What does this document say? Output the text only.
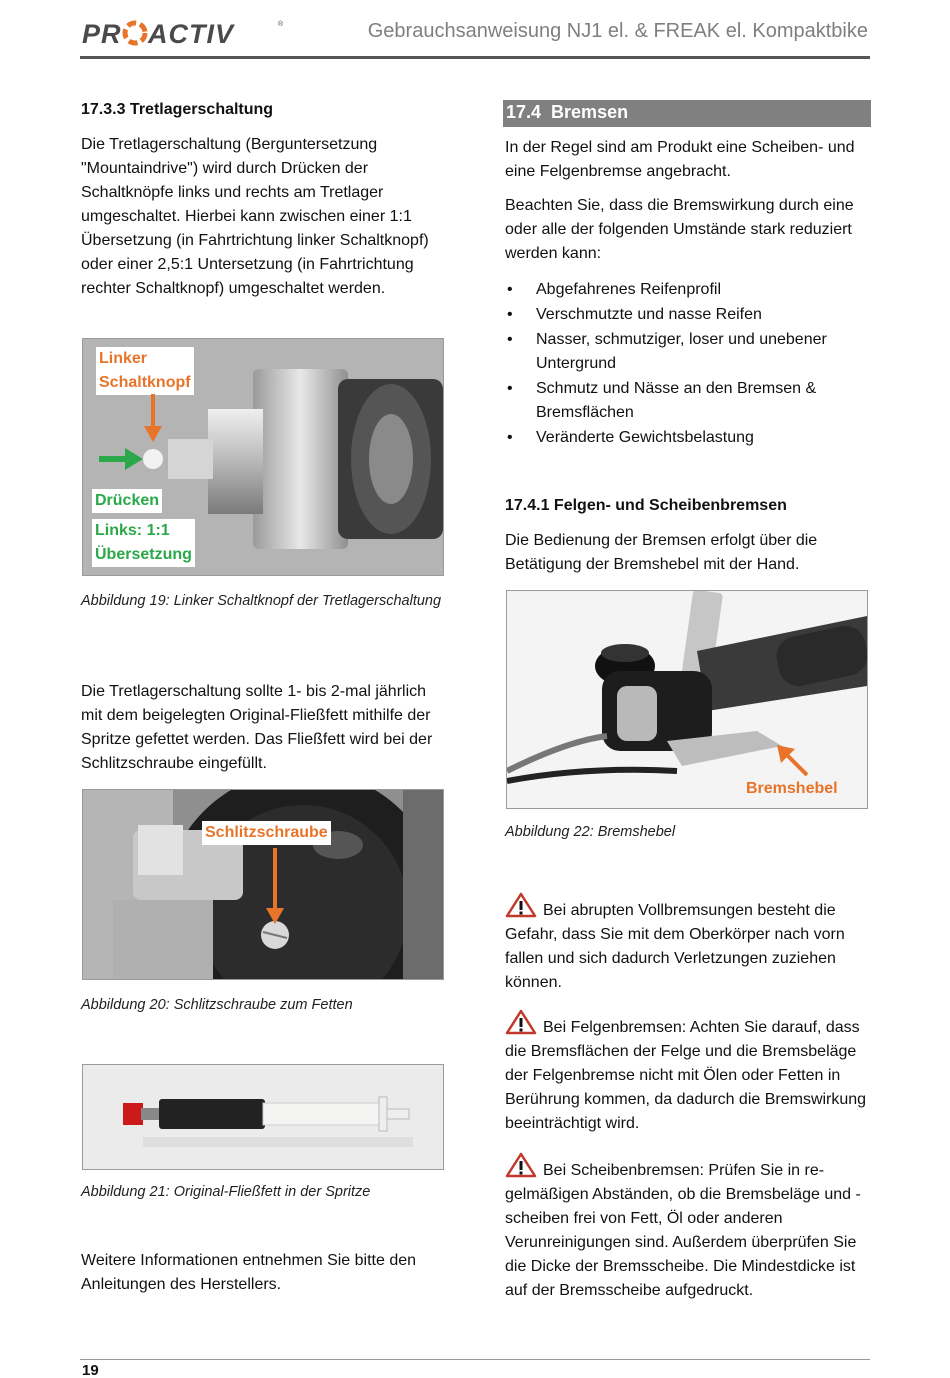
PR ACTIV	®	Gebrauchsanweisung NJ1 el. & FREAK el. Kompaktbike
17.3.3 Tretlagerschaltung
Die Tretlagerschaltung (Berguntersetzung "Mountaindrive") wird durch Drücken der Schaltknöpfe links und rechts am Tretlager umgeschaltet. Hierbei kann zwischen einer 1:1 Übersetzung (in Fahrtrichtung linker Schaltknopf) oder einer 2,5:1 Untersetzung (in Fahrtrichtung rechter Schaltknopf) umgeschaltet werden.
Linker
Schaltknopf
Drücken
Links: 1:1
Übersetzung
Abbildung 19: Linker Schaltknopf der Tretlagerschaltung
Die Tretlagerschaltung sollte 1- bis 2-mal jährlich mit dem beigelegten Original-Fließfett mithilfe der Spritze gefettet werden. Das Fließfett wird bei der Schlitzschraube eingefüllt.
Schlitzschraube
Abbildung 20: Schlitzschraube zum Fetten
Abbildung 21: Original-Fließfett in der Spritze
Weitere Informationen entnehmen Sie bitte den Anleitungen des Herstellers.
17.4 Bremsen
In der Regel sind am Produkt eine Scheiben- und eine Felgenbremse angebracht.
Beachten Sie, dass die Bremswirkung durch eine oder alle der folgenden Umstände stark reduziert werden kann:
• Abgefahrenes Reifenprofil
• Verschmutzte und nasse Reifen
• Nasser, schmutziger, loser und unebener Untergrund
• Schmutz und Nässe an den Bremsen & Bremsflächen
• Veränderte Gewichtsbelastung
17.4.1 Felgen- und Scheibenbremsen
Die Bedienung der Bremsen erfolgt über die Betätigung der Bremshebel mit der Hand.
Bremshebel
Abbildung 22: Bremshebel
Bei abrupten Vollbremsungen besteht die Gefahr, dass Sie mit dem Oberkörper nach vorn fallen und sich dadurch Verletzungen zuziehen können.
Bei Felgenbremsen: Achten Sie darauf, dass die Bremsflächen der Felge und die Bremsbeläge der Felgenbremse nicht mit Ölen oder Fetten in Berührung kommen, da dadurch die Bremswirkung beeinträchtigt wird.
Bei Scheibenbremsen: Prüfen Sie in regelmäßigen Abständen, ob die Bremsbeläge und -scheiben frei von Fett, Öl oder anderen Verunreinigungen sind. Außerdem überprüfen Sie die Dicke der Bremsscheibe. Die Mindestdicke ist auf der Bremsscheibe aufgedruckt.
19
